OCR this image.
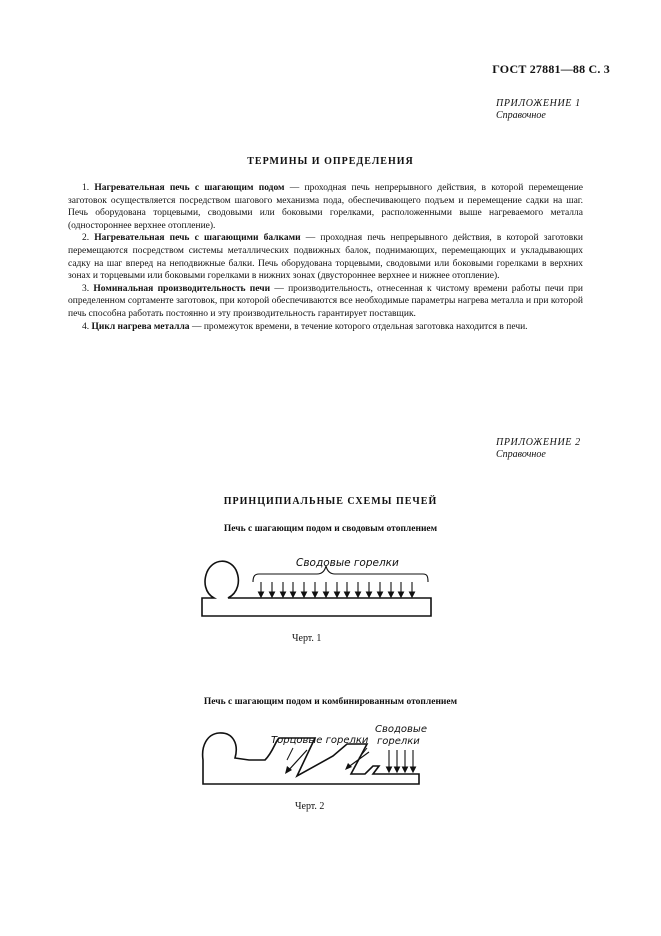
ГОСТ 27881—88 С. 3
ПРИЛОЖЕНИЕ 1
Справочное
ТЕРМИНЫ И ОПРЕДЕЛЕНИЯ

1. Нагревательная печь с шагающим подом — проходная печь непрерывного действия, в которой перемещение заготовок осуществляется посредством шагового механизма пода, обеспечивающего подъем и перемещение садки на шаг. Печь оборудована торцевыми, сводовыми или боковыми горелками, расположенными выше нагреваемого металла (одностороннее верхнее отопление).

2. Нагревательная печь с шагающими балками — проходная печь непрерывного действия, в которой заготовки перемещаются посредством системы металлических подвижных балок, поднимающих, перемещающих и укладывающих садку на шаг вперед на неподвижные балки. Печь оборудована торцевыми, сводовыми или боковыми горелками в верхних зонах и торцевыми или боковыми горелками в нижних зонах (двустороннее верхнее и нижнее отопление).

3. Номинальная производительность печи — производительность, отнесенная к чистому времени работы печи при определенном сортаменте заготовок, при которой обеспечиваются все необходимые параметры нагрева металла и при которой печь способна работать постоянно и эту производительность гарантирует поставщик.

4. Цикл нагрева металла — промежуток времени, в течение которого отдельная заготовка находится в печи.

ПРИЛОЖЕНИЕ 2
Справочное
ПРИНЦИПИАЛЬНЫЕ СХЕМЫ ПЕЧЕЙ
Печь с шагающим подом и сводовым отоплением
Сводовые горелки
Черт. 1
Печь с шагающим подом и комбинированным отоплением
Торцовые горелки
Сводовые
горелки
Черт. 2
